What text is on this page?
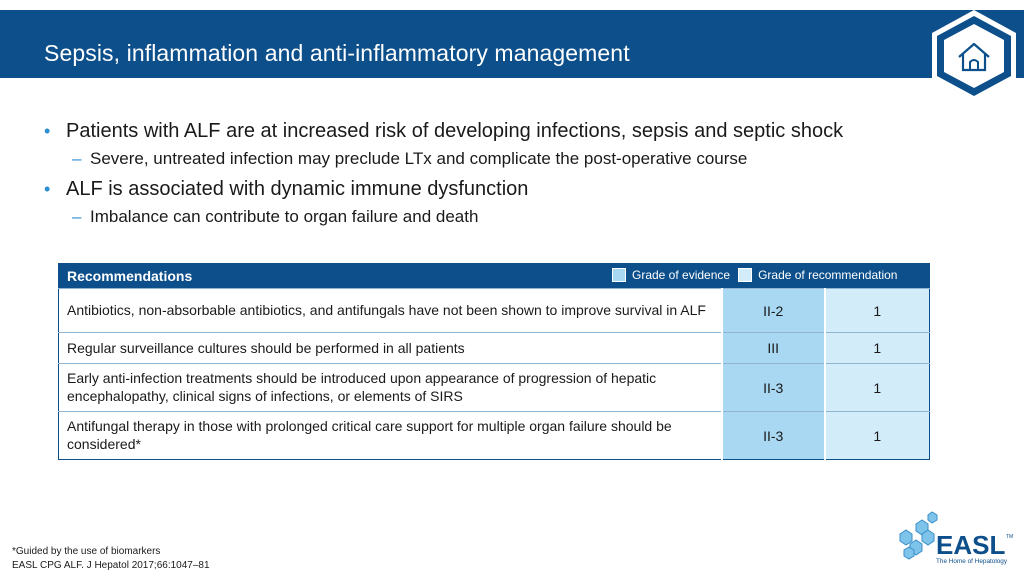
Sepsis, inflammation and anti-inflammatory management
• Patients with ALF are at increased risk of developing infections, sepsis and septic shock
– Severe, untreated infection may preclude LTx and complicate the post-operative course
• ALF is associated with dynamic immune dysfunction
– Imbalance can contribute to organ failure and death
Recommendations		
Antibiotics, non-absorbable antibiotics, and antifungals have not been shown to improve survival in ALF	II-2	1
Regular surveillance cultures should be performed in all patients	III	1
Early anti-infection treatments should be introduced upon appearance of progression of hepatic encephalopathy, clinical signs of infections, or elements of SIRS	II-3	1
Antifungal therapy in those with prolonged critical care support for multiple organ failure should be considered*	II-3	1
Grade of evidence Grade of recommendation
*Guided by the use of biomarkers
EASL CPG ALF. J Hepatol 2017;66:1047–81
EASL TM
The Home of Hepatology
